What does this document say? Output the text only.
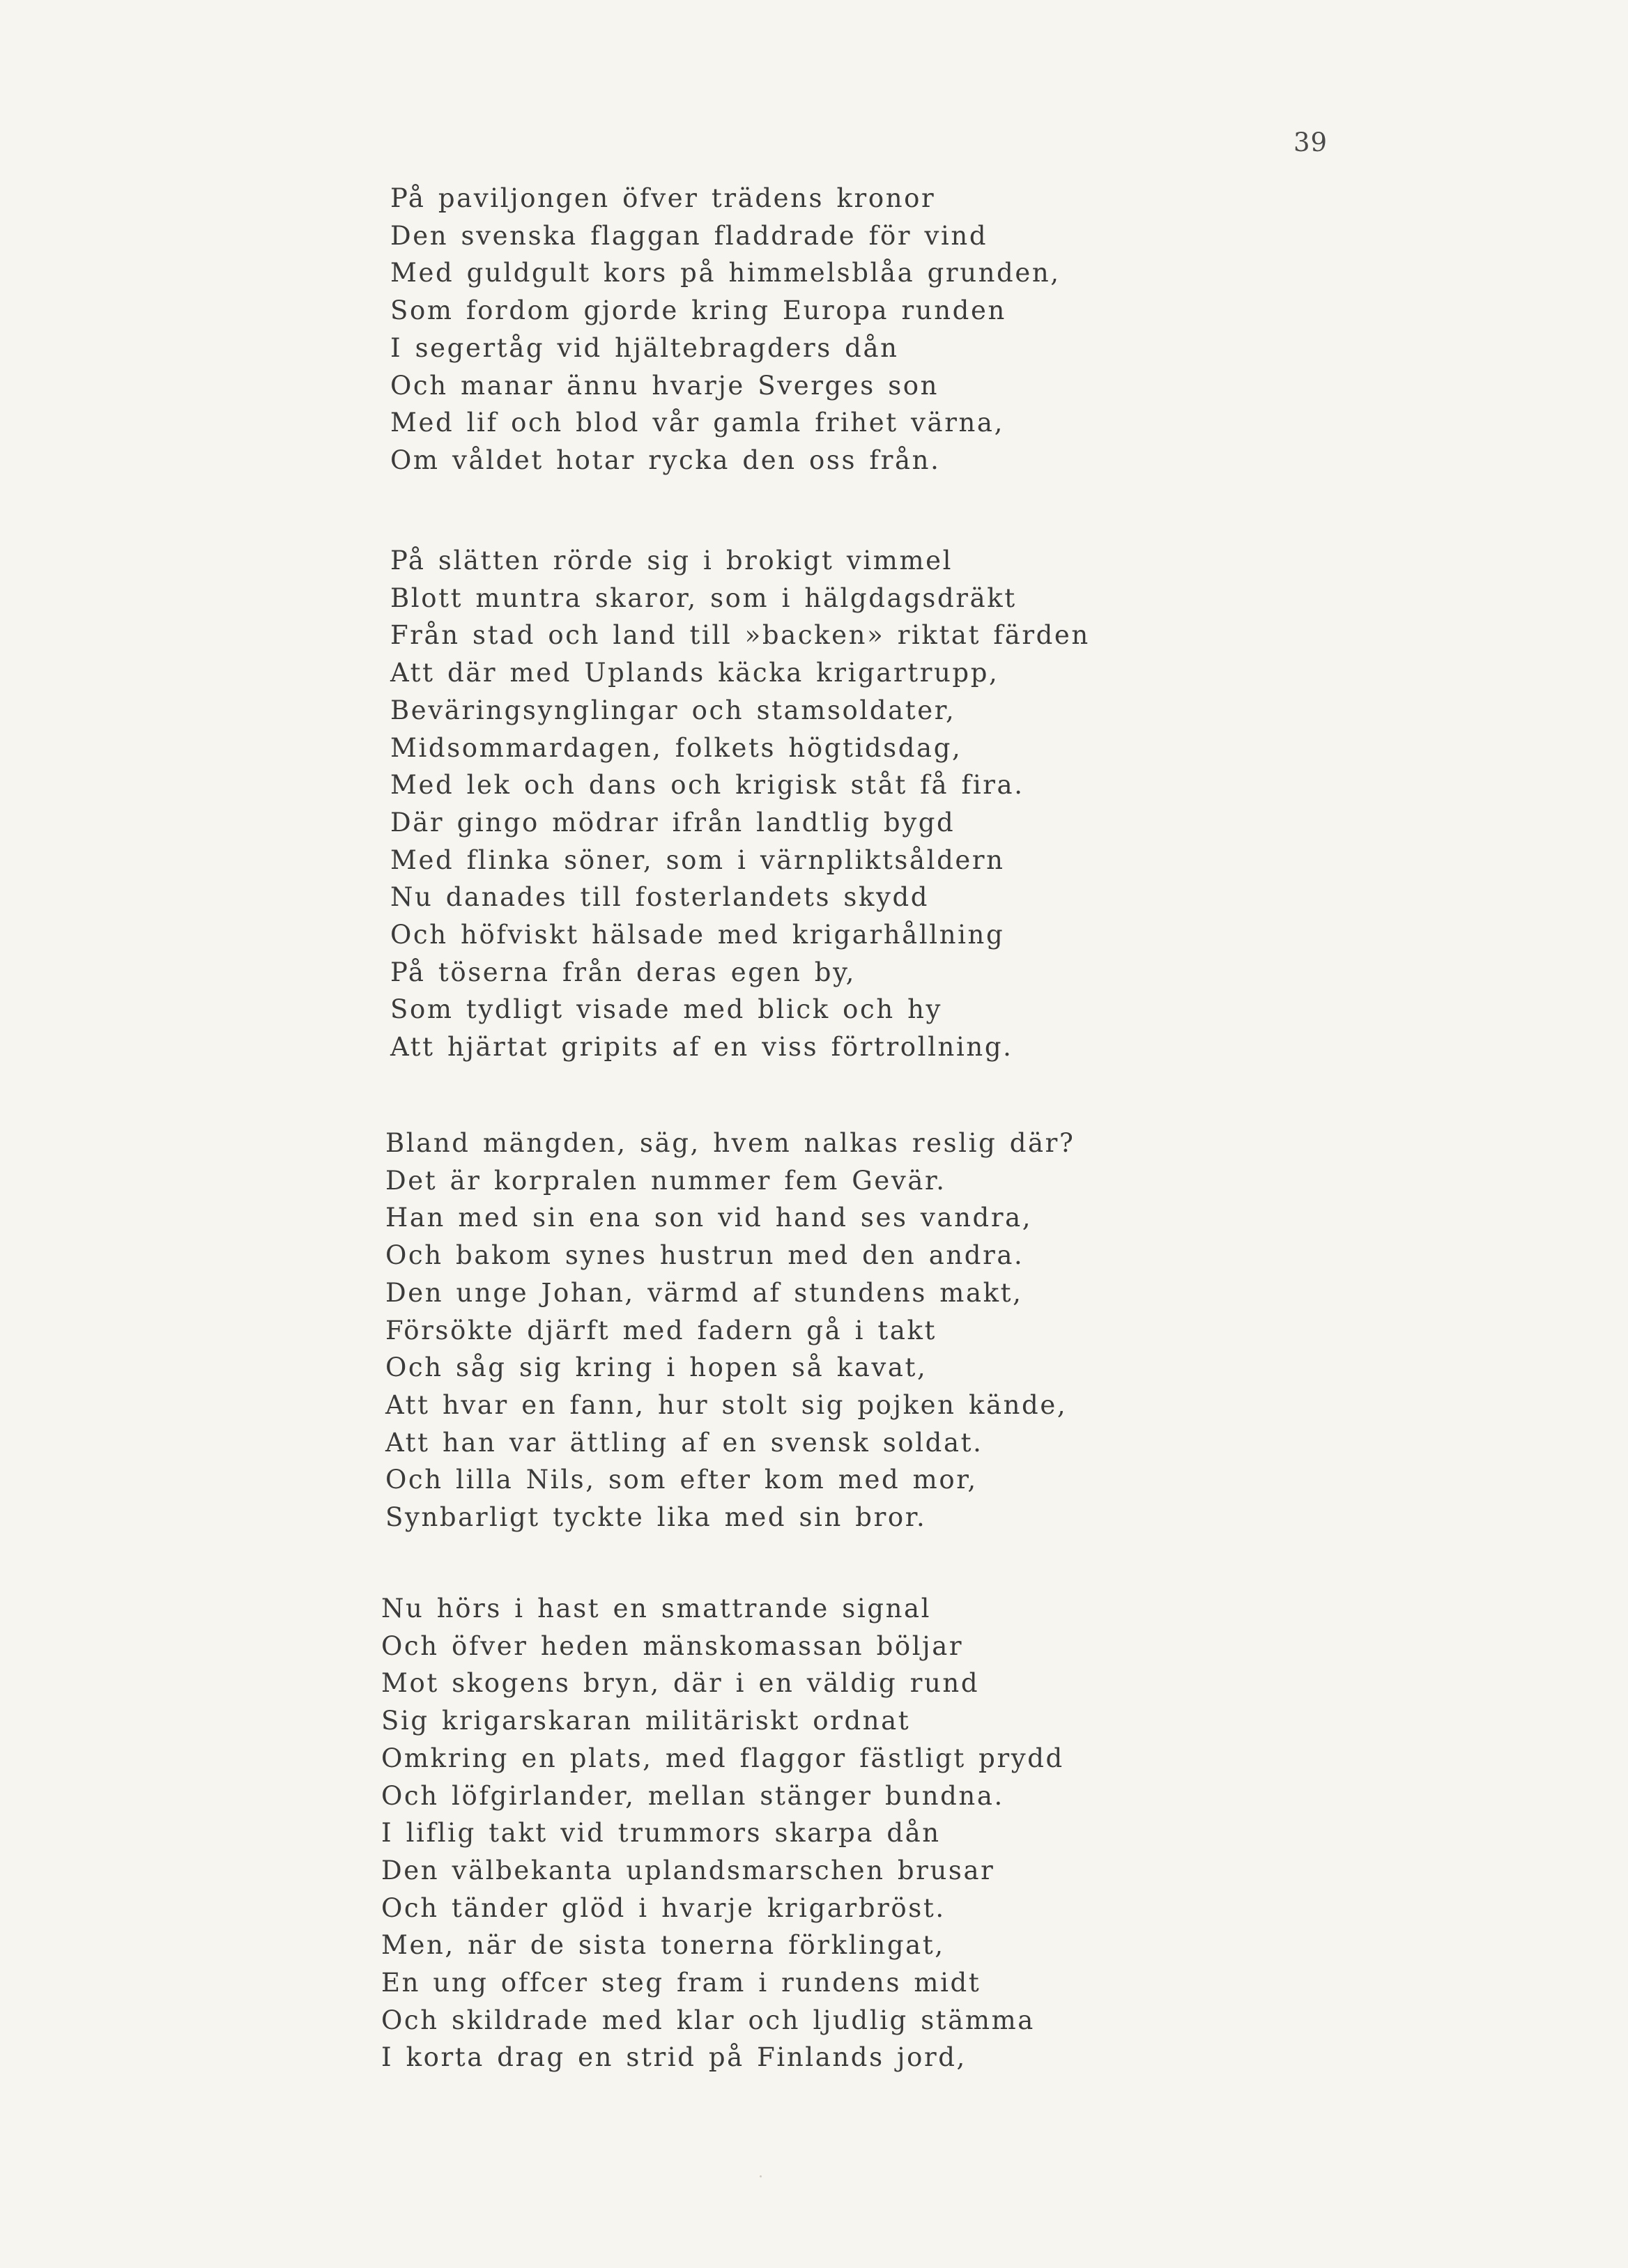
39
På paviljongen öfver trädens kronor
Den svenska flaggan fladdrade för vind
Med guldgult kors på himmelsblåa grunden,
Som fordom gjorde kring Europa runden
I segertåg vid hjältebragders dån
Och manar ännu hvarje Sverges son
Med lif och blod vår gamla frihet värna,
Om våldet hotar rycka den oss från.
På slätten rörde sig i brokigt vimmel
Blott muntra skaror, som i hälgdagsdräkt
Från stad och land till »backen» riktat färden
Att där med Uplands käcka krigartrupp,
Beväringsynglingar och stamsoldater,
Midsommardagen, folkets högtidsdag,
Med lek och dans och krigisk ståt få fira.
Där gingo mödrar ifrån landtlig bygd
Med flinka söner, som i värnpliktsåldern
Nu danades till fosterlandets skydd
Och höfviskt hälsade med krigarhållning
På töserna från deras egen by,
Som tydligt visade med blick och hy
Att hjärtat gripits af en viss förtrollning.
Bland mängden, säg, hvem nalkas reslig där?
Det är korpralen nummer fem Gevär.
Han med sin ena son vid hand ses vandra,
Och bakom synes hustrun med den andra.
Den unge Johan, värmd af stundens makt,
Försökte djärft med fadern gå i takt
Och såg sig kring i hopen så kavat,
Att hvar en fann, hur stolt sig pojken kände,
Att han var ättling af en svensk soldat.
Och lilla Nils, som efter kom med mor,
Synbarligt tyckte lika med sin bror.
Nu hörs i hast en smattrande signal
Och öfver heden mänskomassan böljar
Mot skogens bryn, där i en väldig rund
Sig krigarskaran militäriskt ordnat
Omkring en plats, med flaggor fästligt prydd
Och löfgirlander, mellan stänger bundna.
I liflig takt vid trummors skarpa dån
Den välbekanta uplandsmarschen brusar
Och tänder glöd i hvarje krigarbröst.
Men, när de sista tonerna förklingat,
En ung offcer steg fram i rundens midt
Och skildrade med klar och ljudlig stämma
I korta drag en strid på Finlands jord,
